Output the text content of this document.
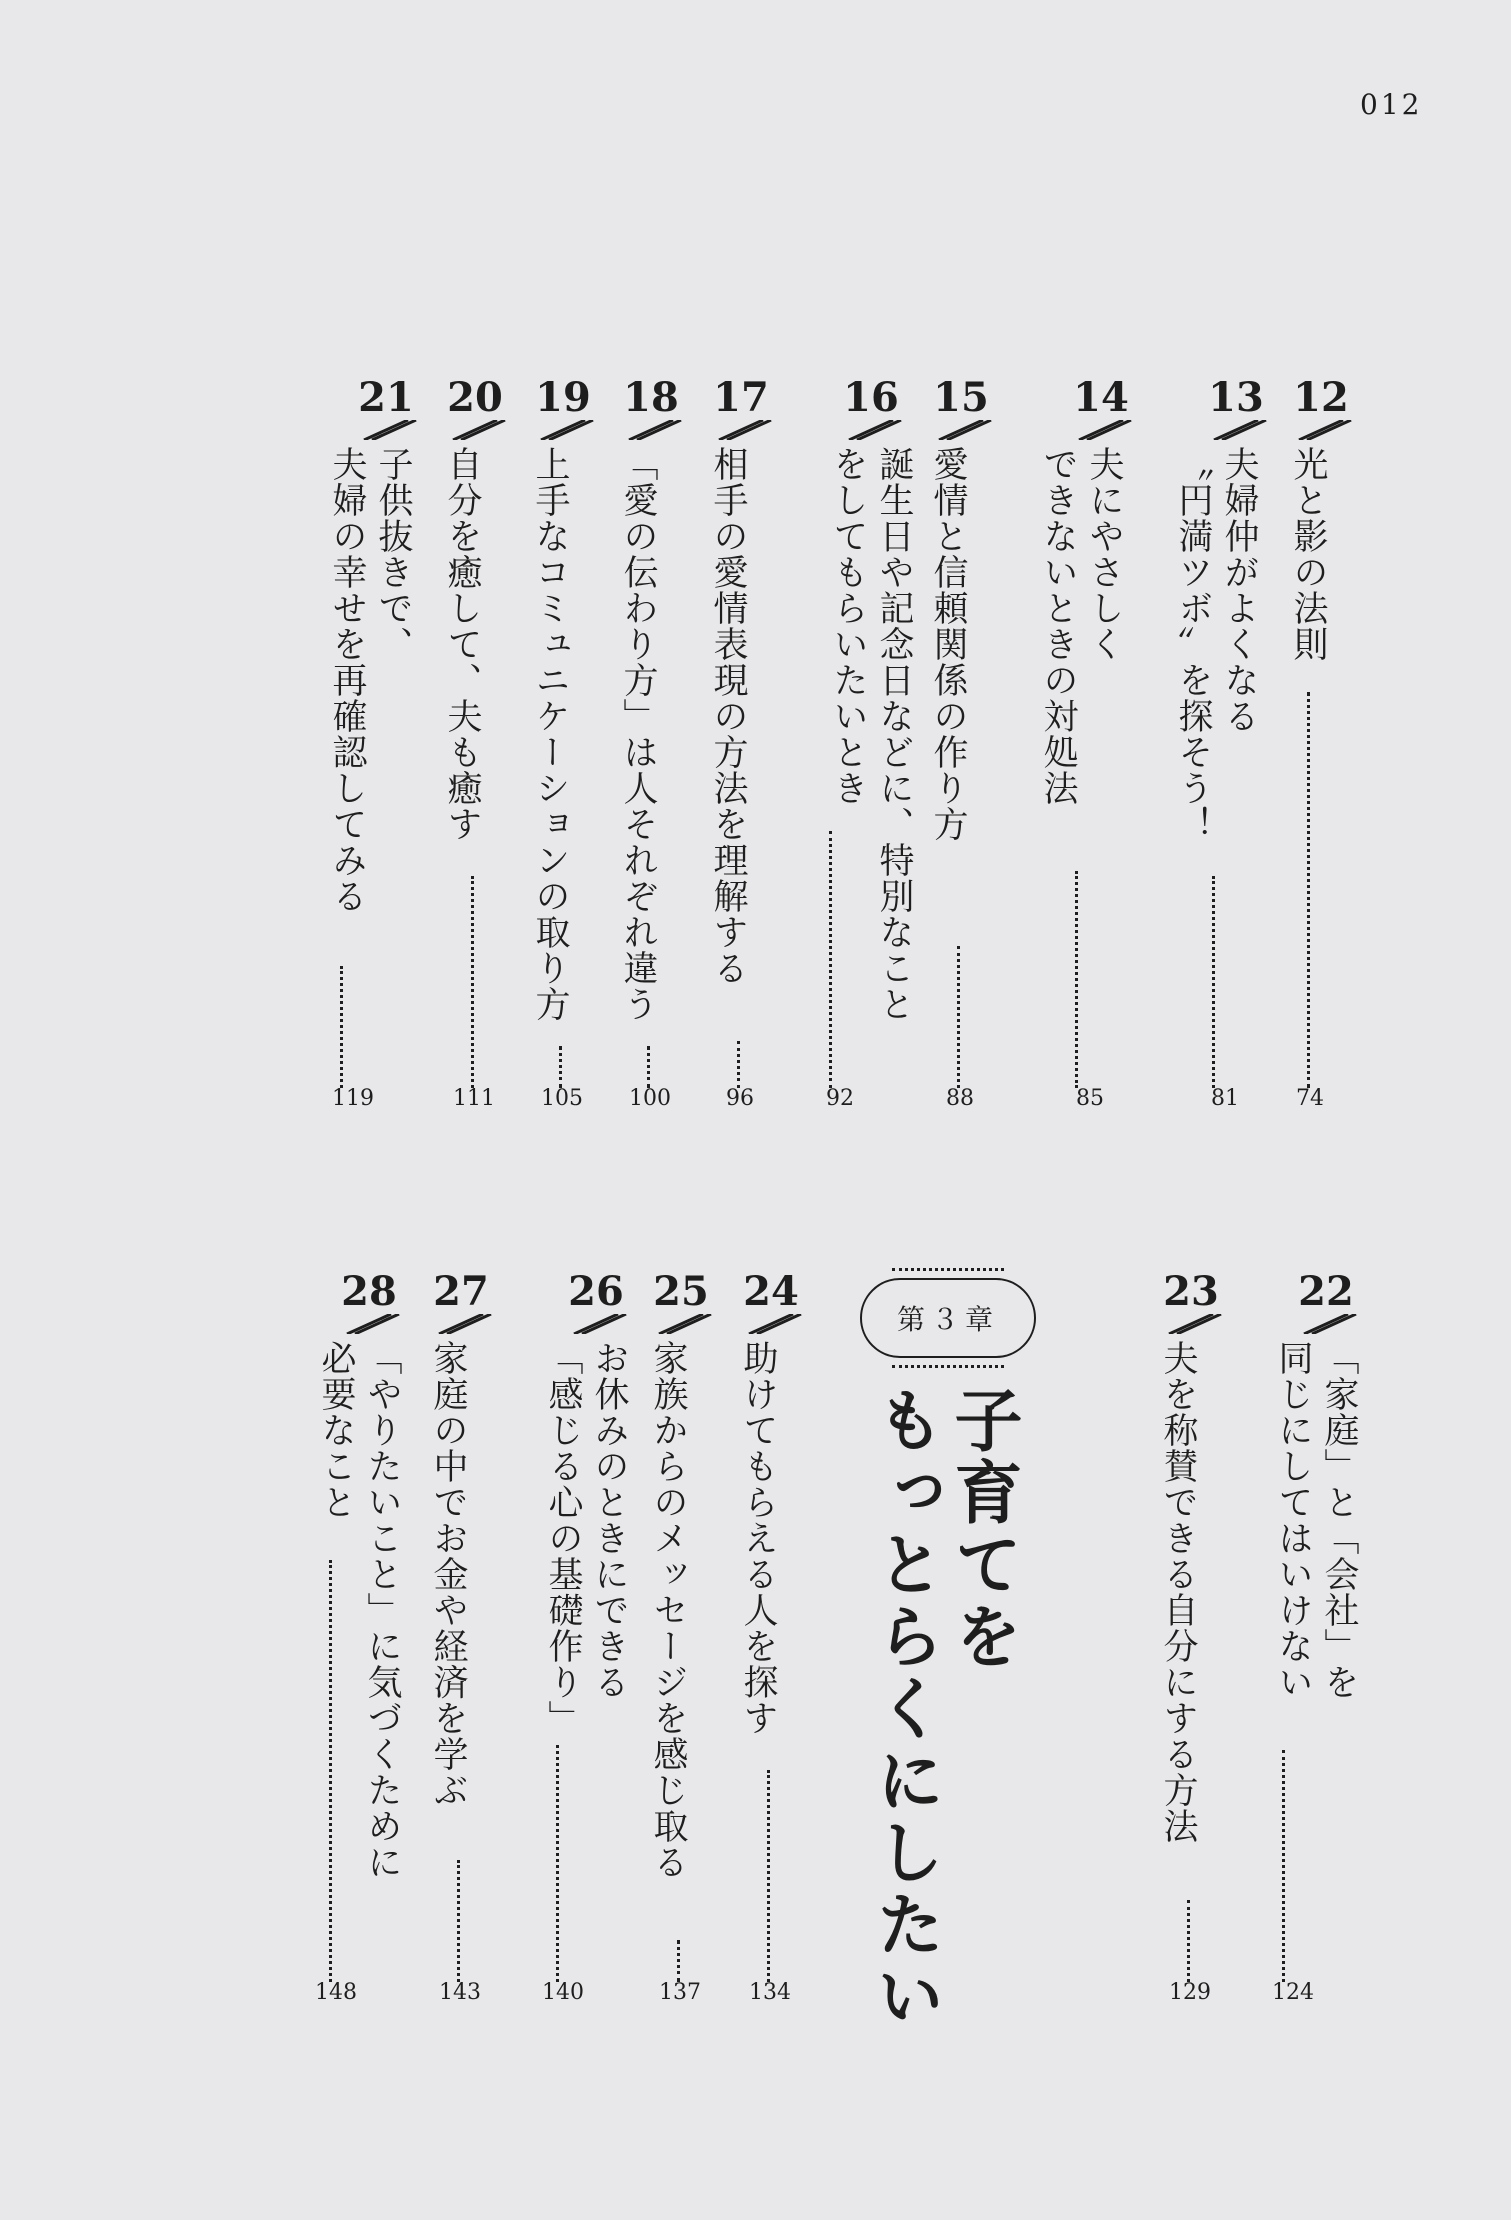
012
12
光と影の法則
74
13
夫婦仲がよくなる
〝円満ツボ〟を探そう！
81
14
夫にやさしく
できないときの対処法
85
15
愛情と信頼関係の作り方
88
16
誕生日や記念日などに、特別なこと
をしてもらいたいとき
92
17
相手の愛情表現の方法を理解する
96
18
「愛の伝わり方」は人それぞれ違う
100
19
上手なコミュニケーションの取り方
105
20
自分を癒して、夫も癒す
111
21
子供抜きで、
夫婦の幸せを再確認してみる
119
22
「家庭」と「会社」を
同じにしてはいけない
124
23
夫を称賛できる自分にする方法
129
24
助けてもらえる人を探す
134
25
家族からのメッセージを感じ取る
137
26
お休みのときにできる
「感じる心の基礎作り」
140
27
家庭の中でお金や経済を学ぶ
143
28
「やりたいこと」に気づくために
必要なこと
148
第３章
子育てを
もっとらくにしたい
